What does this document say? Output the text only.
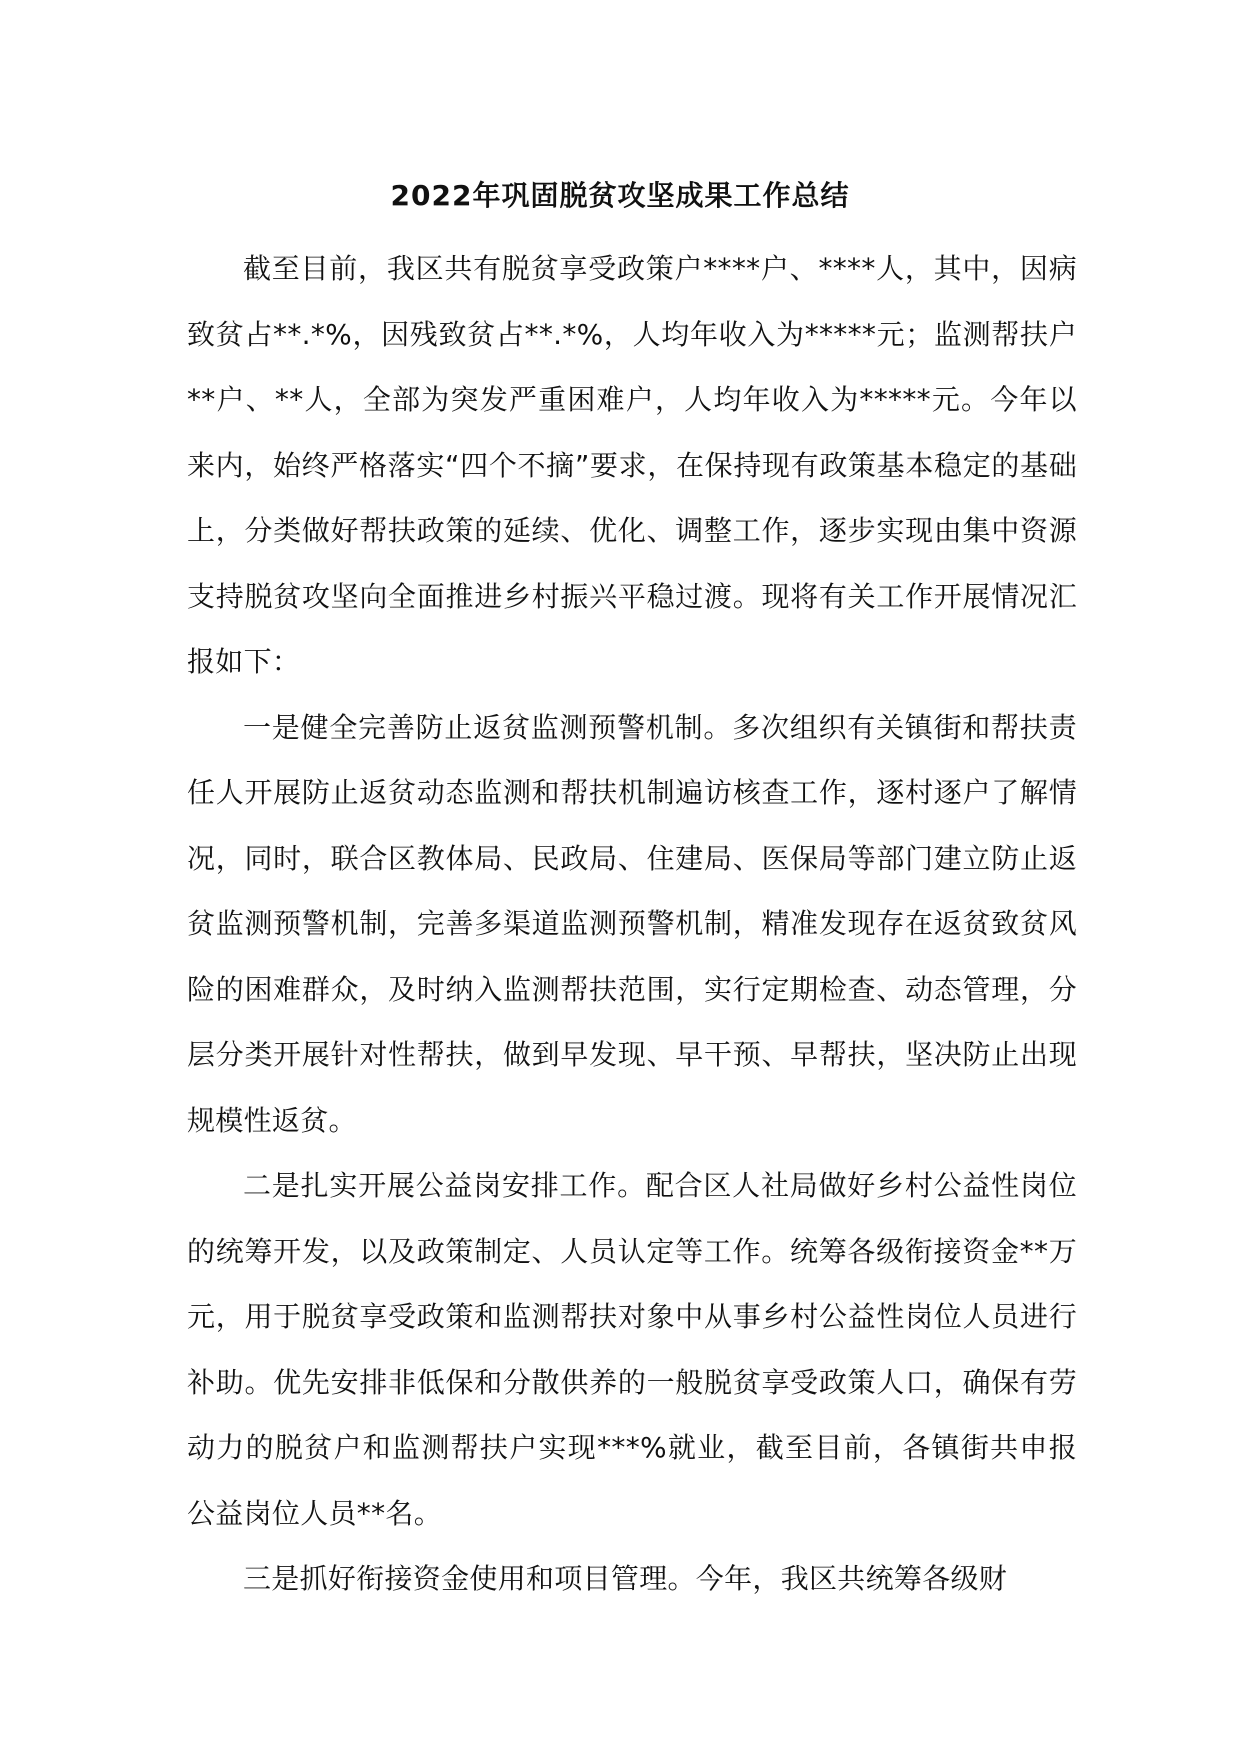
2022年巩固脱贫攻坚成果工作总结

截至目前，我区共有脱贫享受政策户****户、****人，其中，因病致贫占**.*%，因残致贫占**.*%，人均年收入为*****元；监测帮扶户**户、**人，全部为突发严重困难户，人均年收入为*****元。今年以来内，始终严格落实“四个不摘”要求，在保持现有政策基本稳定的基础上，分类做好帮扶政策的延续、优化、调整工作，逐步实现由集中资源支持脱贫攻坚向全面推进乡村振兴平稳过渡。现将有关工作开展情况汇报如下：

一是健全完善防止返贫监测预警机制。多次组织有关镇街和帮扶责任人开展防止返贫动态监测和帮扶机制遍访核查工作，逐村逐户了解情况，同时，联合区教体局、民政局、住建局、医保局等部门建立防止返贫监测预警机制，完善多渠道监测预警机制，精准发现存在返贫致贫风险的困难群众，及时纳入监测帮扶范围，实行定期检查、动态管理，分层分类开展针对性帮扶，做到早发现、早干预、早帮扶，坚决防止出现规模性返贫。

二是扎实开展公益岗安排工作。配合区人社局做好乡村公益性岗位的统筹开发，以及政策制定、人员认定等工作。统筹各级衔接资金**万元，用于脱贫享受政策和监测帮扶对象中从事乡村公益性岗位人员进行补助。优先安排非低保和分散供养的一般脱贫享受政策人口，确保有劳动力的脱贫户和监测帮扶户实现***%就业，截至目前，各镇街共申报公益岗位人员**名。

三是抓好衔接资金使用和项目管理。今年，我区共统筹各级财
